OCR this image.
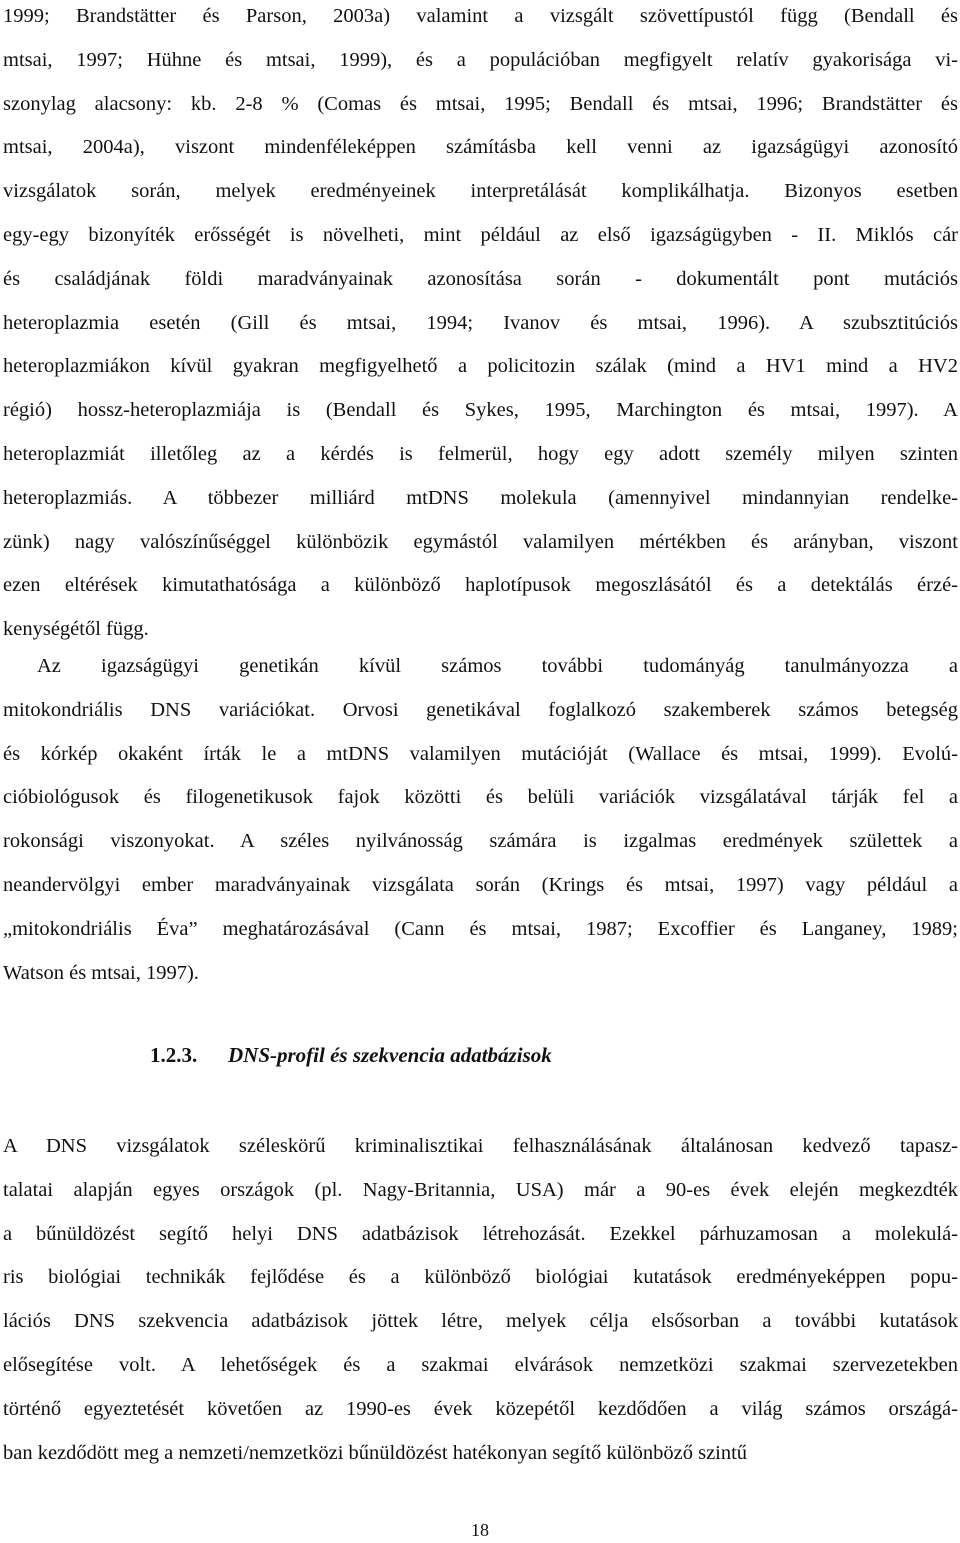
1999; Brandstätter és Parson, 2003a) valamint a vizsgált szövettípustól függ (Bendall és
mtsai, 1997; Hühne és mtsai, 1999), és a populációban megfigyelt relatív gyakorisága vi-
szonylag alacsony: kb. 2-8 % (Comas és mtsai, 1995; Bendall és mtsai, 1996; Brandstätter és
mtsai, 2004a), viszont mindenféleképpen számításba kell venni az igazságügyi azonosító
vizsgálatok során, melyek eredményeinek interpretálását komplikálhatja. Bizonyos esetben
egy-egy bizonyíték erősségét is növelheti, mint például az első igazságügyben - II. Miklós cár
és családjának földi maradványainak azonosítása során - dokumentált pont mutációs
heteroplazmia esetén (Gill és mtsai, 1994; Ivanov és mtsai, 1996). A szubsztitúciós
heteroplazmiákon kívül gyakran megfigyelhető a policitozin szálak (mind a HV1 mind a HV2
régió) hossz-heteroplazmiája is (Bendall és Sykes, 1995, Marchington és mtsai, 1997). A
heteroplazmiát illetőleg az a kérdés is felmerül, hogy egy adott személy milyen szinten
heteroplazmiás. A többezer milliárd mtDNS molekula (amennyivel mindannyian rendelke-
zünk) nagy valószínűséggel különbözik egymástól valamilyen mértékben és arányban, viszont
ezen eltérések kimutathatósága a különböző haplotípusok megoszlásától és a detektálás érzé-
kenységétől függ.
Az igazságügyi genetikán kívül számos további tudományág tanulmányozza a
mitokondriális DNS variációkat. Orvosi genetikával foglalkozó szakemberek számos betegség
és kórkép okaként írták le a mtDNS valamilyen mutációját (Wallace és mtsai, 1999). Evolú-
cióbiológusok és filogenetikusok fajok közötti és belüli variációk vizsgálatával tárják fel a
rokonsági viszonyokat. A széles nyilvánosság számára is izgalmas eredmények születtek a
neandervölgyi ember maradványainak vizsgálata során (Krings és mtsai, 1997) vagy például a
„mitokondriális Éva” meghatározásával (Cann és mtsai, 1987; Excoffier és Langaney, 1989;
Watson és mtsai, 1997).
1.2.3. DNS-profil és szekvencia adatbázisok
A DNS vizsgálatok széleskörű kriminalisztikai felhasználásának általánosan kedvező tapasz-
talatai alapján egyes országok (pl. Nagy-Britannia, USA) már a 90-es évek elején megkezdték
a bűnüldözést segítő helyi DNS adatbázisok létrehozását. Ezekkel párhuzamosan a molekulá-
ris biológiai technikák fejlődése és a különböző biológiai kutatások eredményeképpen popu-
lációs DNS szekvencia adatbázisok jöttek létre, melyek célja elsősorban a további kutatások
elősegítése volt. A lehetőségek és a szakmai elvárások nemzetközi szakmai szervezetekben
történő egyeztetését követően az 1990-es évek közepétől kezdődően a világ számos országá-
ban kezdődött meg a nemzeti/nemzetközi bűnüldözést hatékonyan segítő különböző szintű
18
